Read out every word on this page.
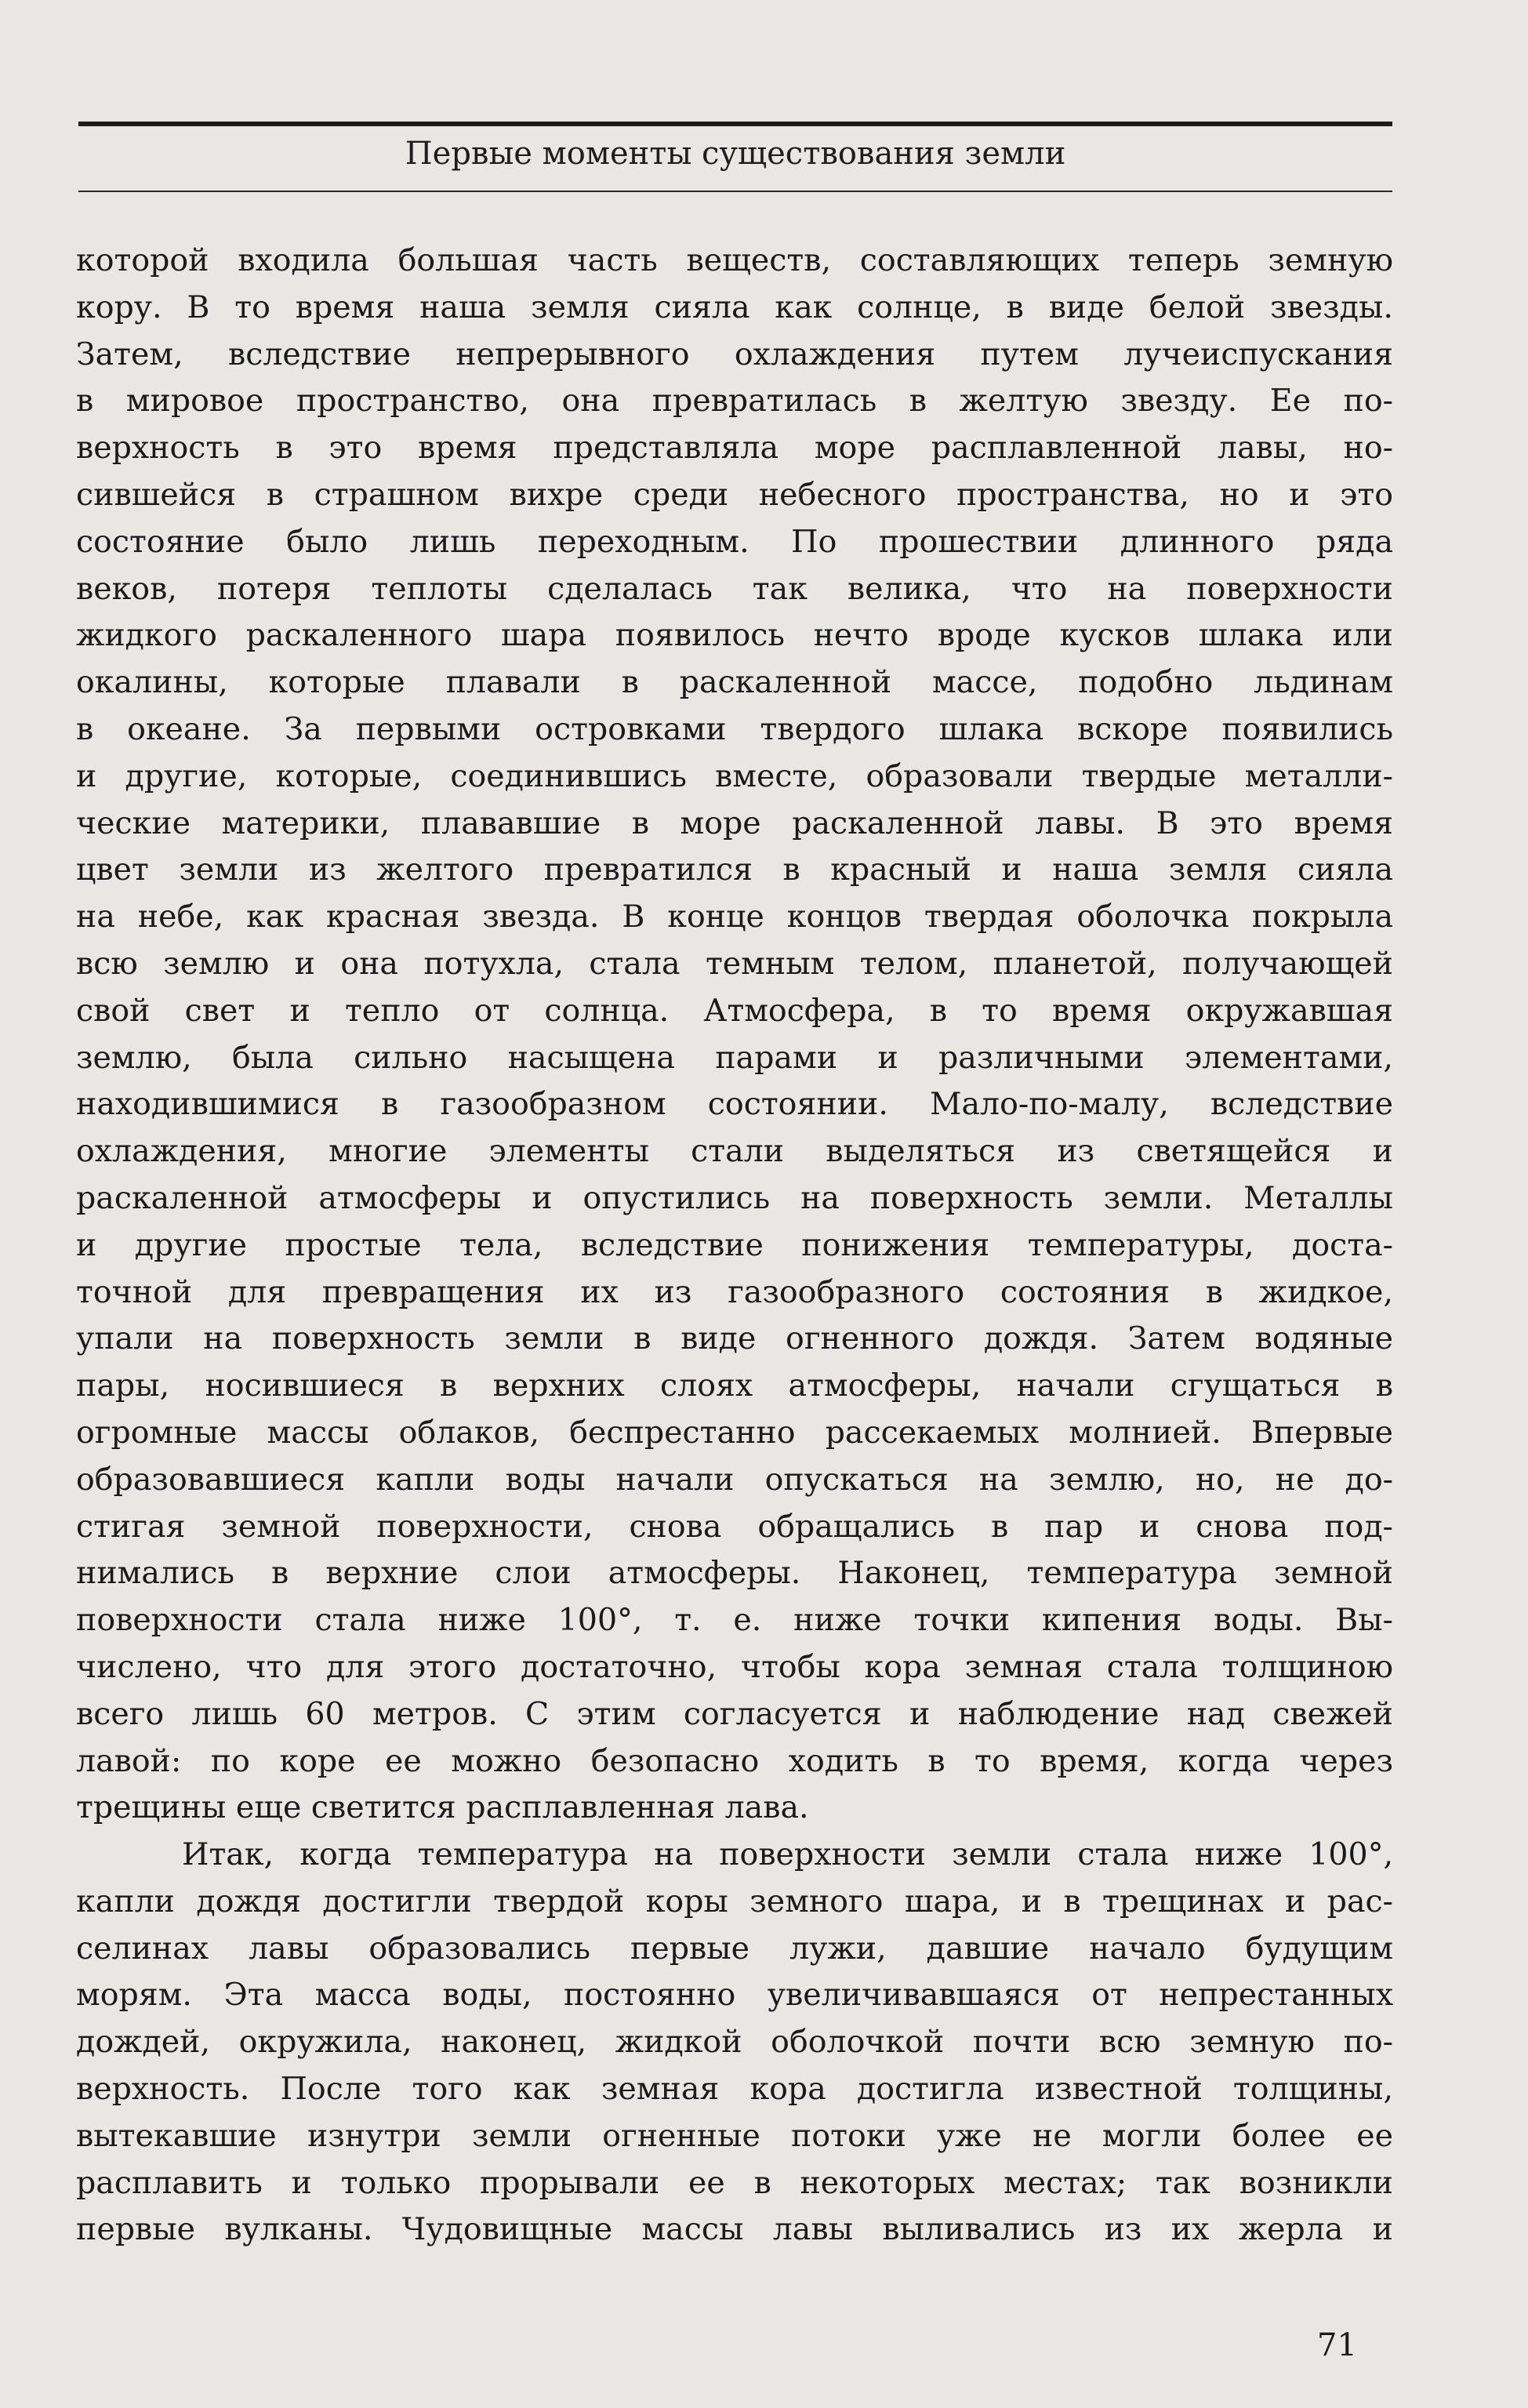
Первые моменты существования земли
которой входила большая часть веществ, составляющих теперь земную
кору. В то время наша земля сияла как солнце, в виде белой звезды.
Затем, вследствие непрерывного охлаждения путем лучеиспускания
в мировое пространство, она превратилась в желтую звезду. Ее по-
верхность в это время представляла море расплавленной лавы, но-
сившейся в страшном вихре среди небесного пространства, но и это
состояние было лишь переходным. По прошествии длинного ряда
веков, потеря теплоты сделалась так велика, что на поверхности
жидкого раскаленного шара появилось нечто вроде кусков шлака или
окалины, которые плавали в раскаленной массе, подобно льдинам
в океане. За первыми островками твердого шлака вскоре появились
и другие, которые, соединившись вместе, образовали твердые металли-
ческие материки, плававшие в море раскаленной лавы. В это время
цвет земли из желтого превратился в красный и наша земля сияла
на небе, как красная звезда. В конце концов твердая оболочка покрыла
всю землю и она потухла, стала темным телом, планетой, получающей
свой свет и тепло от солнца. Атмосфера, в то время окружавшая
землю, была сильно насыщена парами и различными элементами,
находившимися в газообразном состоянии. Мало-по-малу, вследствие
охлаждения, многие элементы стали выделяться из светящейся и
раскаленной атмосферы и опустились на поверхность земли. Металлы
и другие простые тела, вследствие понижения температуры, доста-
точной для превращения их из газообразного состояния в жидкое,
упали на поверхность земли в виде огненного дождя. Затем водяные
пары, носившиеся в верхних слоях атмосферы, начали сгущаться в
огромные массы облаков, беспрестанно рассекаемых молнией. Впервые
образовавшиеся капли воды начали опускаться на землю, но, не до-
стигая земной поверхности, снова обращались в пар и снова под-
нимались в верхние слои атмосферы. Наконец, температура земной
поверхности стала ниже 100°, т. е. ниже точки кипения воды. Вы-
числено, что для этого достаточно, чтобы кора земная стала толщиною
всего лишь 60 метров. С этим согласуется и наблюдение над свежей
лавой: по коре ее можно безопасно ходить в то время, когда через
трещины еще светится расплавленная лава.
Итак, когда температура на поверхности земли стала ниже 100°,
капли дождя достигли твердой коры земного шара, и в трещинах и рас-
селинах лавы образовались первые лужи, давшие начало будущим
морям. Эта масса воды, постоянно увеличивавшаяся от непрестанных
дождей, окружила, наконец, жидкой оболочкой почти всю земную по-
верхность. После того как земная кора достигла известной толщины,
вытекавшие изнутри земли огненные потоки уже не могли более ее
расплавить и только прорывали ее в некоторых местах; так возникли
первые вулканы. Чудовищные массы лавы выливались из их жерла и
71
